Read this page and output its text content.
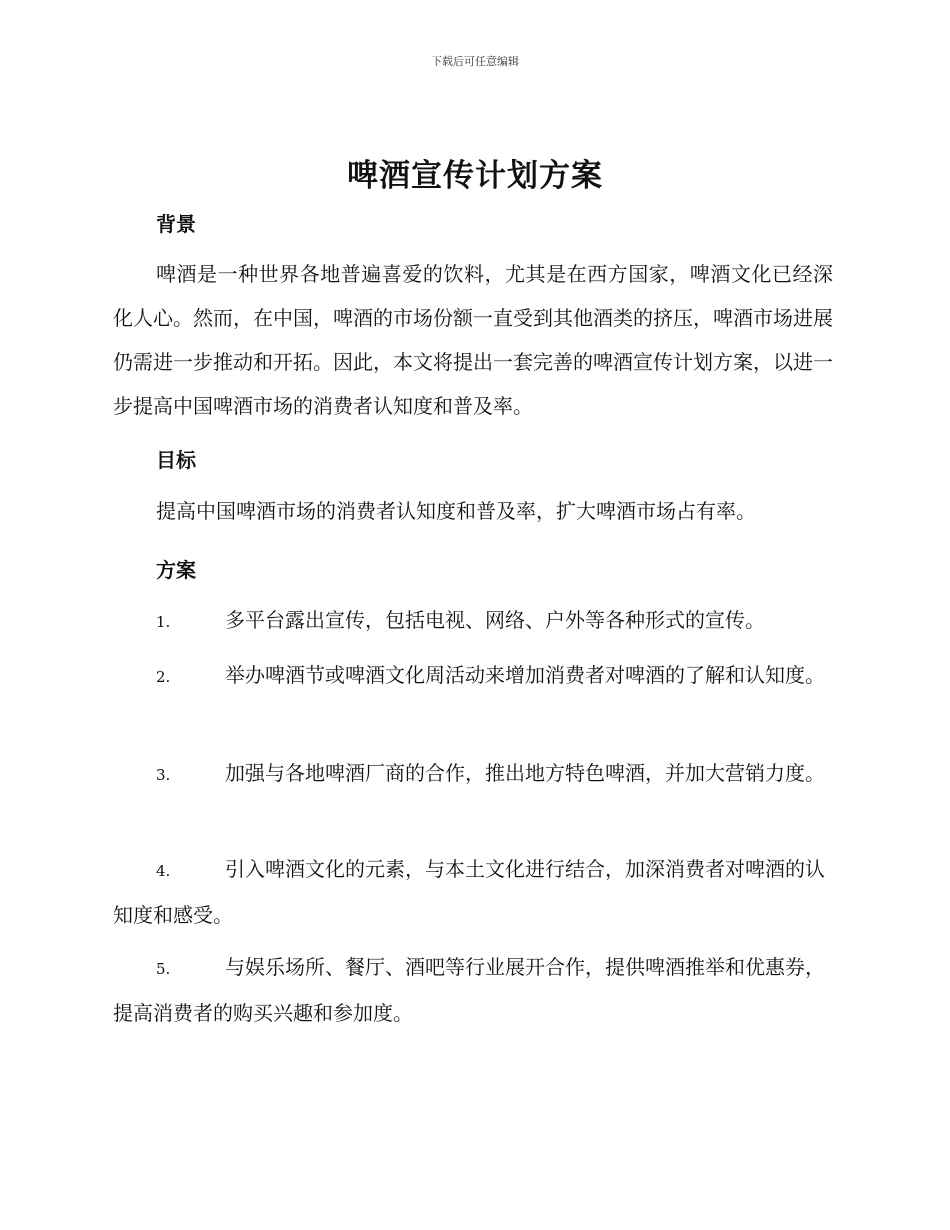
下载后可任意编辑
啤酒宣传计划方案
背景

啤酒是一种世界各地普遍喜爱的饮料，尤其是在西方国家，啤酒文化已经深化人心。然而，在中国，啤酒的市场份额一直受到其他酒类的挤压，啤酒市场进展仍需进一步推动和开拓。因此，本文将提出一套完善的啤酒宣传计划方案，以进一步提高中国啤酒市场的消费者认知度和普及率。

目标

提高中国啤酒市场的消费者认知度和普及率，扩大啤酒市场占有率。

方案

1.	多平台露出宣传，包括电视、网络、户外等各种形式的宣传。

2.	举办啤酒节或啤酒文化周活动来增加消费者对啤酒的了解和认知度。

3.	加强与各地啤酒厂商的合作，推出地方特色啤酒，并加大营销力度。

4.	引入啤酒文化的元素，与本土文化进行结合，加深消费者对啤酒的认知度和感受。

5.	与娱乐场所、餐厅、酒吧等行业展开合作，提供啤酒推举和优惠券，提高消费者的购买兴趣和参加度。
